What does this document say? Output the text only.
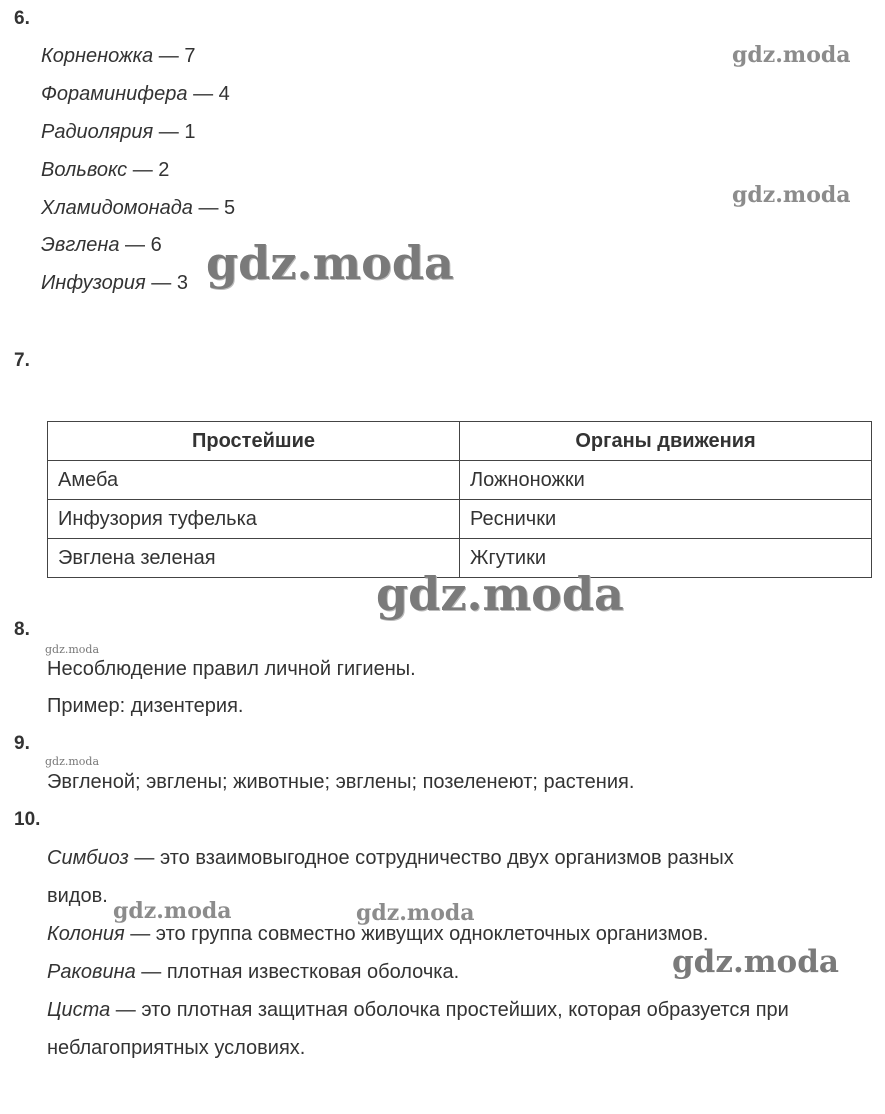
6.
Корненожка — 7
Фораминифера — 4
Радиолярия — 1
Вольвокс — 2
Хламидомонада — 5
Эвглена — 6
Инфузория — 3
7.
Простейшие	Органы движения
Амеба	Ложноножки
Инфузория туфелька	Реснички
Эвглена зеленая	Жгутики
8.
Несоблюдение правил личной гигиены.
Пример: дизентерия.
9.
Эвгленой; эвглены; животные; эвглены; позеленеют; растения.
10.
Симбиоз — это взаимовыгодное сотрудничество двух организмов разных
видов.
Колония — это группа совместно живущих одноклеточных организмов.
Раковина — плотная известковая оболочка.
Циста — это плотная защитная оболочка простейших, которая образуется при
неблагоприятных условиях.
gdz.moda
gdz.moda
gdz.moda
gdz.moda
gdz.moda
gdz.moda
gdz.moda	gdz.moda
gdz.moda
